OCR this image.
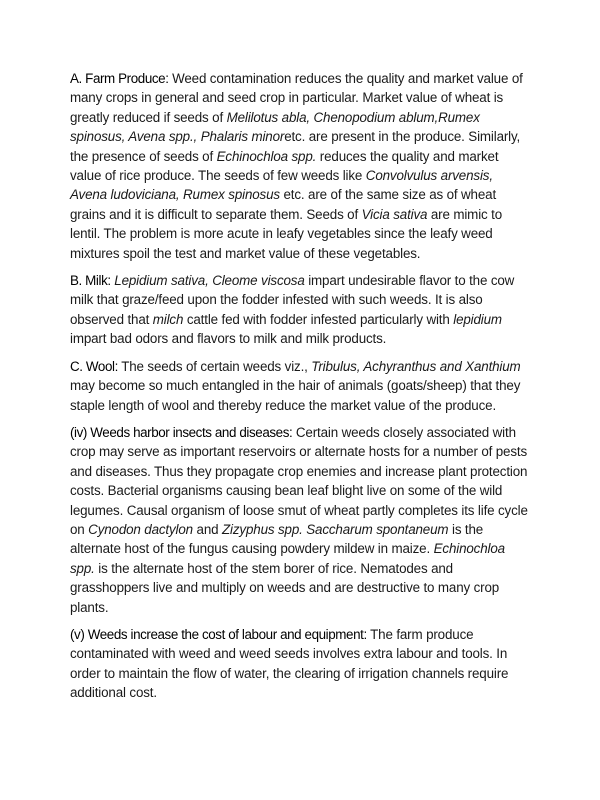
A. Farm Produce: Weed contamination reduces the quality and market value of many crops in general and seed crop in particular. Market value of wheat is greatly reduced if seeds of Melilotus abla, Chenopodium ablum,Rumex spinosus, Avena spp., Phalaris minoretc. are present in the produce. Similarly, the presence of seeds of Echinochloa spp. reduces the quality and market value of rice produce. The seeds of few weeds like Convolvulus arvensis, Avena ludoviciana, Rumex spinosus etc. are of the same size as of wheat grains and it is difficult to separate them. Seeds of Vicia sativa are mimic to lentil. The problem is more acute in leafy vegetables since the leafy weed mixtures spoil the test and market value of these vegetables.

B. Milk: Lepidium sativa, Cleome viscosa impart undesirable flavor to the cow milk that graze/feed upon the fodder infested with such weeds. It is also observed that milch cattle fed with fodder infested particularly with lepidium impart bad odors and flavors to milk and milk products.

C. Wool: The seeds of certain weeds viz., Tribulus, Achyranthus and Xanthium may become so much entangled in the hair of animals (goats/sheep) that they staple length of wool and thereby reduce the market value of the produce.

(iv) Weeds harbor insects and diseases: Certain weeds closely associated with crop may serve as important reservoirs or alternate hosts for a number of pests and diseases. Thus they propagate crop enemies and increase plant protection costs. Bacterial organisms causing bean leaf blight live on some of the wild legumes. Causal organism of loose smut of wheat partly completes its life cycle on Cynodon dactylon and Zizyphus spp. Saccharum spontaneum is the alternate host of the fungus causing powdery mildew in maize. Echinochloa spp. is the alternate host of the stem borer of rice. Nematodes and grasshoppers live and multiply on weeds and are destructive to many crop plants.

(v) Weeds increase the cost of labour and equipment: The farm produce contaminated with weed and weed seeds involves extra labour and tools. In order to maintain the flow of water, the clearing of irrigation channels require additional cost.
